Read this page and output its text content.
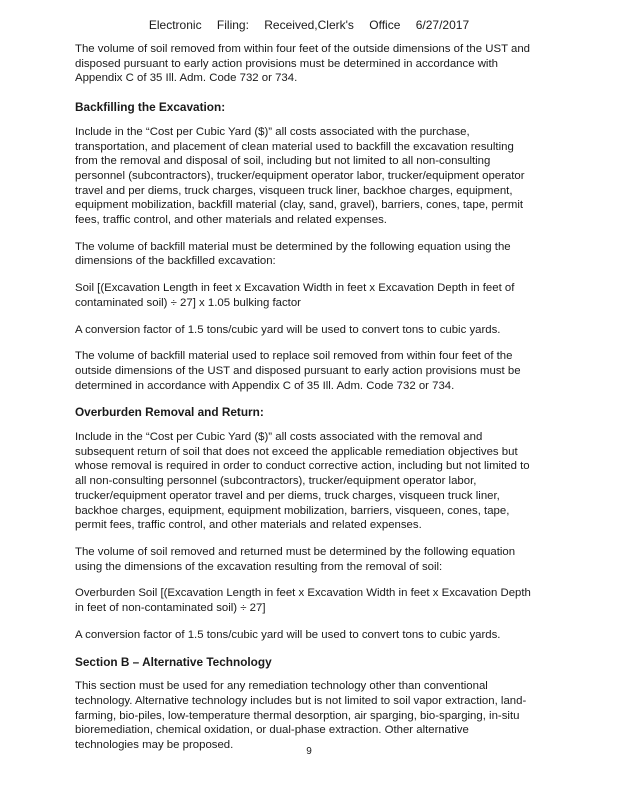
Electronic Filing: Received,Clerk's Office 6/27/2017

The volume of soil removed from within four feet of the outside dimensions of the UST and disposed pursuant to early action provisions must be determined in accordance with Appendix C of 35 Ill. Adm. Code 732 or 734.

Backfilling the Excavation:

Include in the “Cost per Cubic Yard ($)” all costs associated with the purchase, transportation, and placement of clean material used to backfill the excavation resulting from the removal and disposal of soil, including but not limited to all non-consulting personnel (subcontractors), trucker/equipment operator labor, trucker/equipment operator travel and per diems, truck charges, visqueen truck liner, backhoe charges, equipment, equipment mobilization, backfill material (clay, sand, gravel), barriers, cones, tape, permit fees, traffic control, and other materials and related expenses.

The volume of backfill material must be determined by the following equation using the dimensions of the backfilled excavation:

Soil [(Excavation Length in feet x Excavation Width in feet x Excavation Depth in feet of contaminated soil) ÷ 27] x 1.05 bulking factor

A conversion factor of 1.5 tons/cubic yard will be used to convert tons to cubic yards.

The volume of backfill material used to replace soil removed from within four feet of the outside dimensions of the UST and disposed pursuant to early action provisions must be determined in accordance with Appendix C of 35 Ill. Adm. Code 732 or 734.

Overburden Removal and Return:

Include in the “Cost per Cubic Yard ($)” all costs associated with the removal and subsequent return of soil that does not exceed the applicable remediation objectives but whose removal is required in order to conduct corrective action, including but not limited to all non-consulting personnel (subcontractors), trucker/equipment operator labor, trucker/equipment operator travel and per diems, truck charges, visqueen truck liner, backhoe charges, equipment, equipment mobilization, barriers, visqueen, cones, tape, permit fees, traffic control, and other materials and related expenses.

The volume of soil removed and returned must be determined by the following equation using the dimensions of the excavation resulting from the removal of soil:

Overburden Soil [(Excavation Length in feet x Excavation Width in feet x Excavation Depth in feet of non-contaminated soil) ÷ 27]

A conversion factor of 1.5 tons/cubic yard will be used to convert tons to cubic yards.

Section B – Alternative Technology

This section must be used for any remediation technology other than conventional technology. Alternative technology includes but is not limited to soil vapor extraction, land-farming, bio-piles, low-temperature thermal desorption, air sparging, bio-sparging, in-situ bioremediation, chemical oxidation, or dual-phase extraction. Other alternative technologies may be proposed.

9
